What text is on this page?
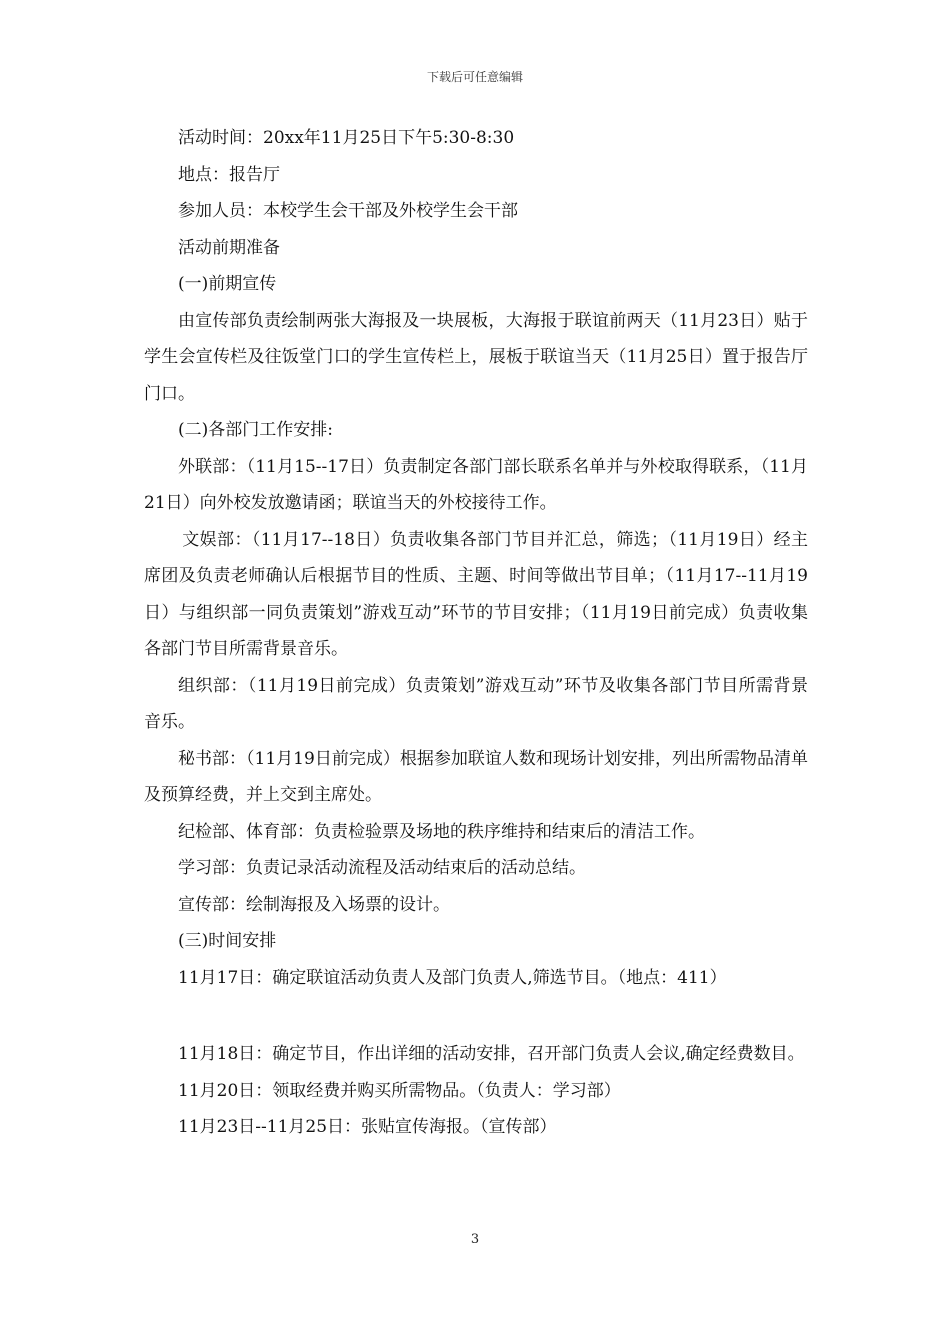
下载后可任意编辑

活动时间：20xx年11月25日下午5:30-8:30

地点：报告厅

参加人员：本校学生会干部及外校学生会干部

活动前期准备

(一)前期宣传

由宣传部负责绘制两张大海报及一块展板，大海报于联谊前两天（11月23日）贴于学生会宣传栏及往饭堂门口的学生宣传栏上，展板于联谊当天（11月25日）置于报告厅门口。

(二)各部门工作安排:

外联部：（11月15--17日）负责制定各部门部长联系名单并与外校取得联系，（11月21日）向外校发放邀请函；联谊当天的外校接待工作。

文娱部：（11月17--18日）负责收集各部门节目并汇总，筛选；（11月19日）经主席团及负责老师确认后根据节目的性质、主题、时间等做出节目单；（11月17--11月19日）与组织部一同负责策划”游戏互动”环节的节目安排；（11月19日前完成）负责收集各部门节目所需背景音乐。

组织部：（11月19日前完成）负责策划”游戏互动”环节及收集各部门节目所需背景音乐。

秘书部：（11月19日前完成）根据参加联谊人数和现场计划安排，列出所需物品清单及预算经费，并上交到主席处。

纪检部、体育部：负责检验票及场地的秩序维持和结束后的清洁工作。

学习部：负责记录活动流程及活动结束后的活动总结。

宣传部：绘制海报及入场票的设计。

(三)时间安排

11月17日：确定联谊活动负责人及部门负责人,筛选节目。（地点：411）

11月18日：确定节目，作出详细的活动安排，召开部门负责人会议,确定经费数目。

11月20日：领取经费并购买所需物品。（负责人：学习部）

11月23日--11月25日：张贴宣传海报。（宣传部）

3
